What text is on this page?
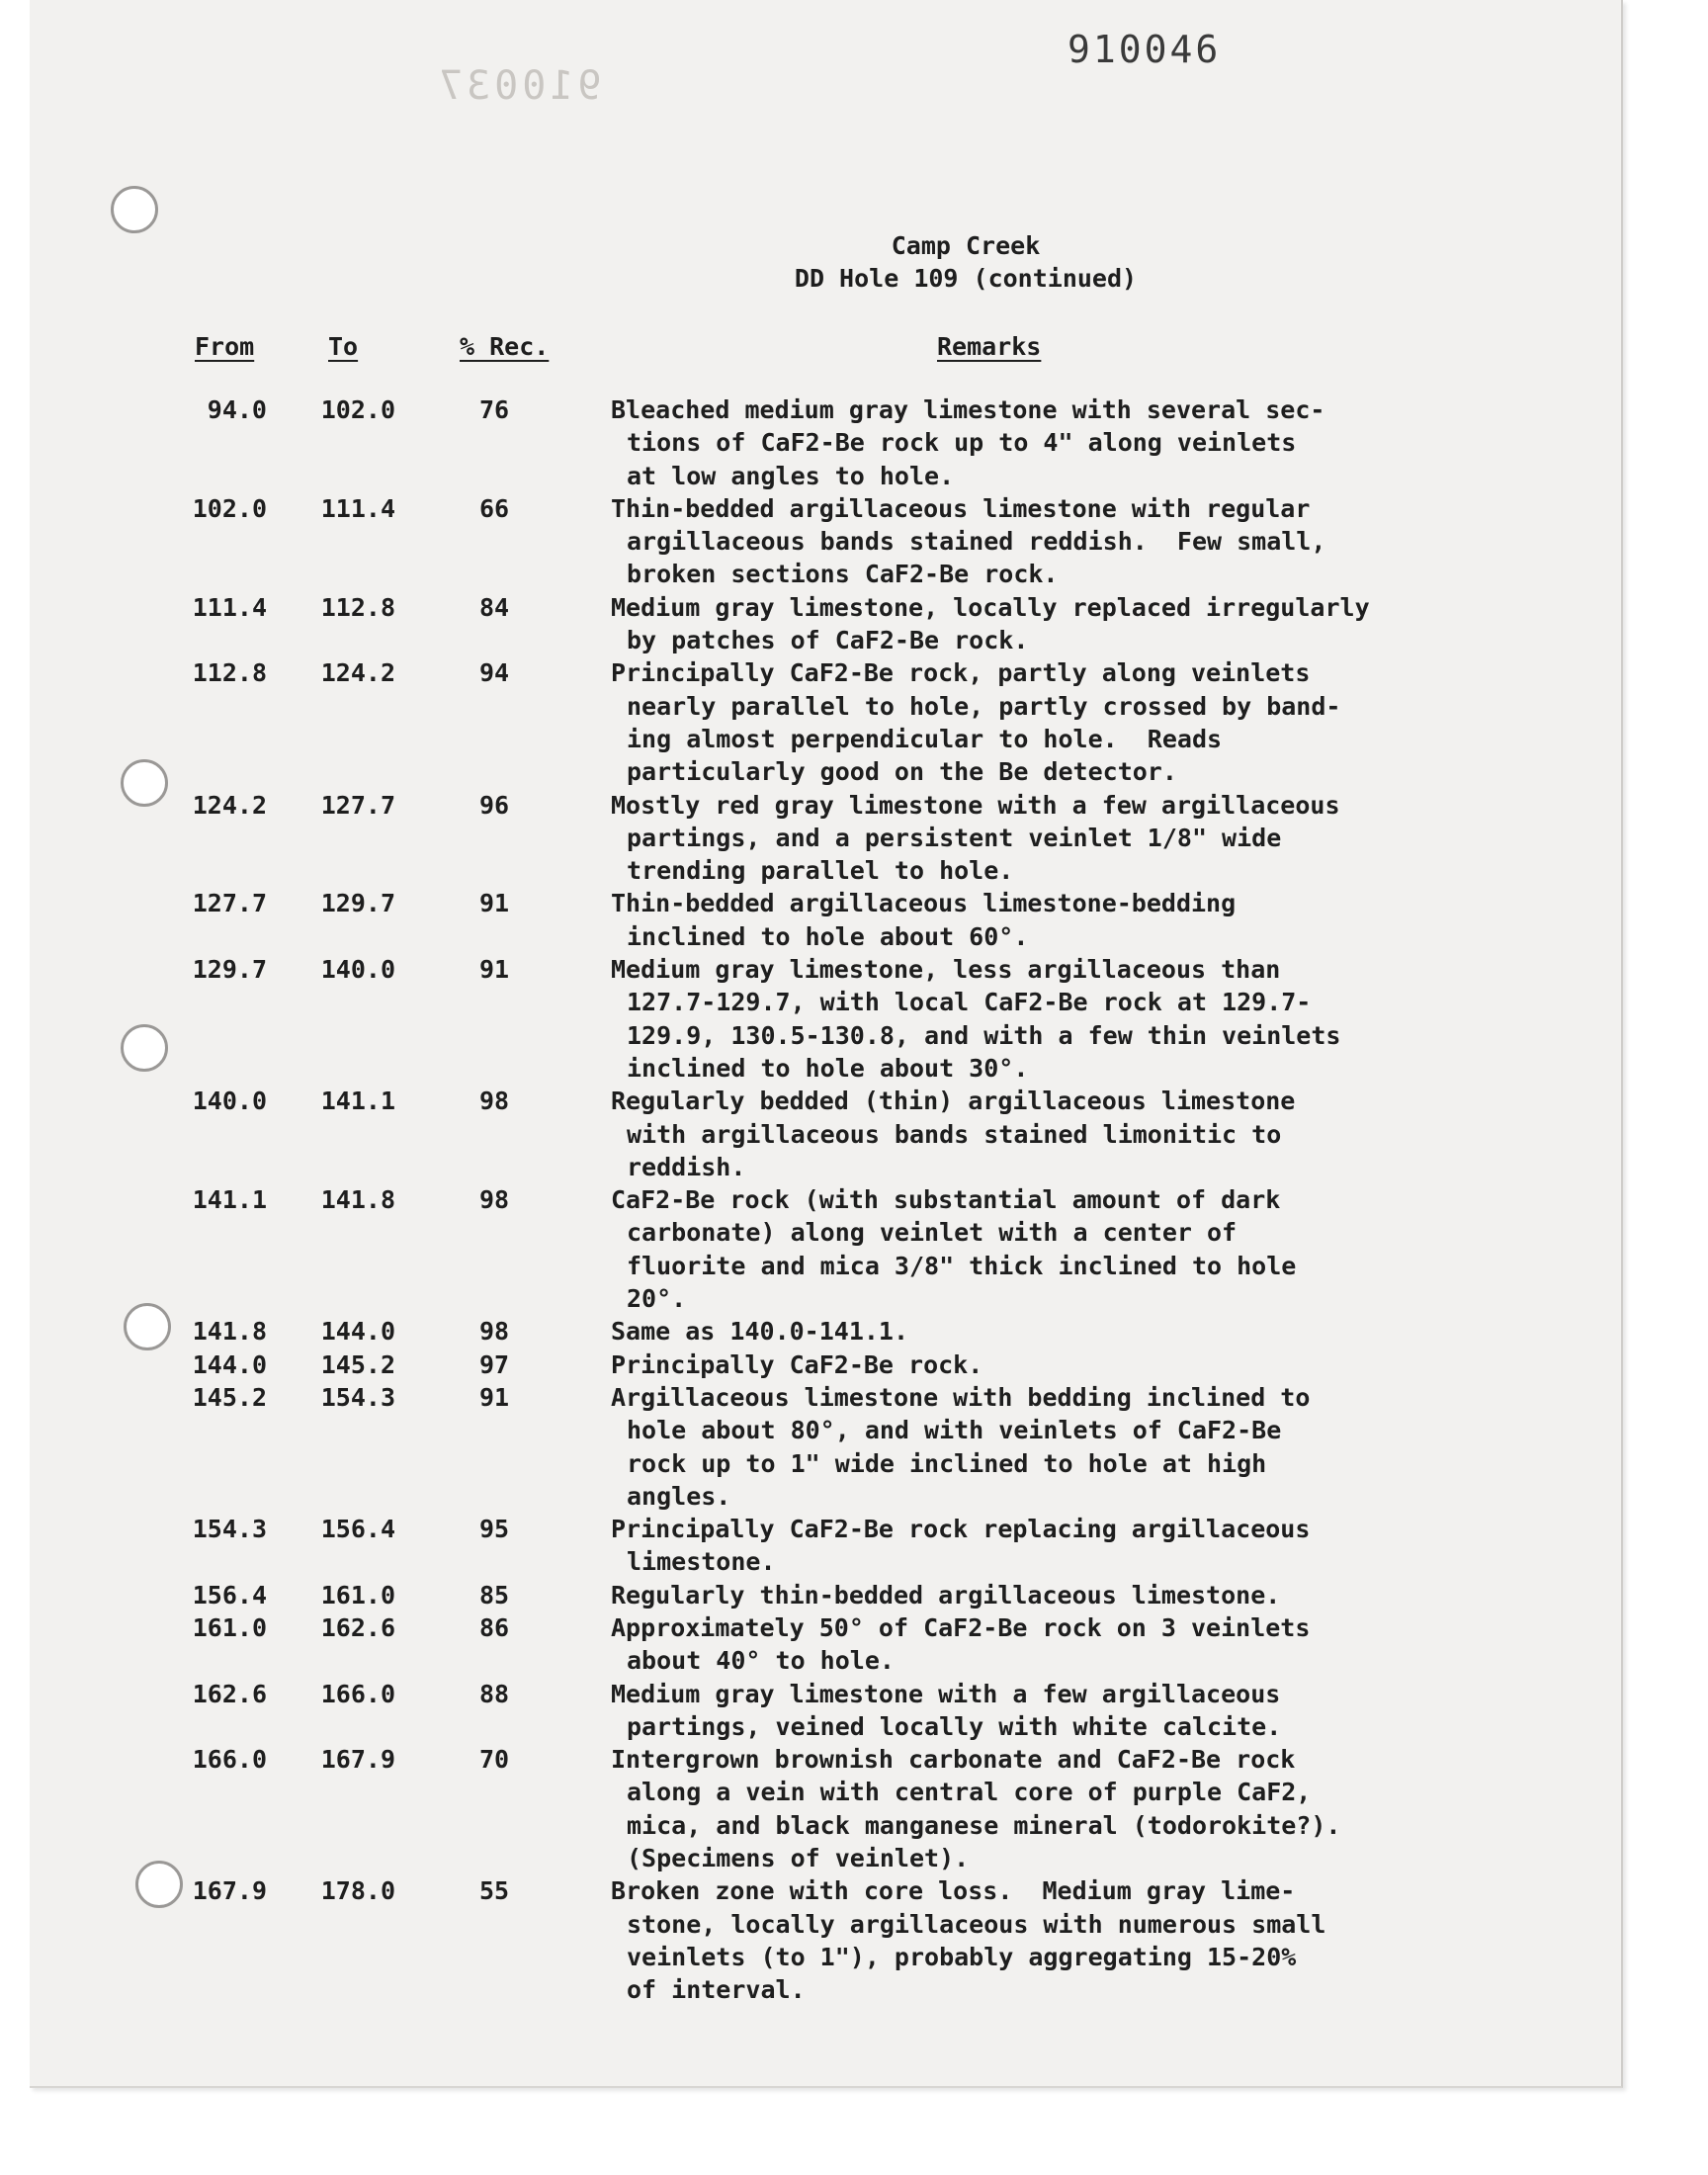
910037
910046
Camp Creek
DD Hole 109 (continued)
From	To	% Rec.	Remarks
94.0	102.0	76	Bleached medium gray limestone with several sec-
tions of CaF2-Be rock up to 4" along veinlets
at low angles to hole.
102.0	111.4	66	Thin-bedded argillaceous limestone with regular
argillaceous bands stained reddish.  Few small,
broken sections CaF2-Be rock.
111.4	112.8	84	Medium gray limestone, locally replaced irregularly
by patches of CaF2-Be rock.
112.8	124.2	94	Principally CaF2-Be rock, partly along veinlets
nearly parallel to hole, partly crossed by band-
ing almost perpendicular to hole.  Reads
particularly good on the Be detector.
124.2	127.7	96	Mostly red gray limestone with a few argillaceous
partings, and a persistent veinlet 1/8" wide
trending parallel to hole.
127.7	129.7	91	Thin-bedded argillaceous limestone-bedding
inclined to hole about 60°.
129.7	140.0	91	Medium gray limestone, less argillaceous than
127.7-129.7, with local CaF2-Be rock at 129.7-
129.9, 130.5-130.8, and with a few thin veinlets
inclined to hole about 30°.
140.0	141.1	98	Regularly bedded (thin) argillaceous limestone
with argillaceous bands stained limonitic to
reddish.
141.1	141.8	98	CaF2-Be rock (with substantial amount of dark
carbonate) along veinlet with a center of
fluorite and mica 3/8" thick inclined to hole
20°.
141.8	144.0	98	Same as 140.0-141.1.
144.0	145.2	97	Principally CaF2-Be rock.
145.2	154.3	91	Argillaceous limestone with bedding inclined to
hole about 80°, and with veinlets of CaF2-Be
rock up to 1" wide inclined to hole at high
angles.
154.3	156.4	95	Principally CaF2-Be rock replacing argillaceous
limestone.
156.4	161.0	85	Regularly thin-bedded argillaceous limestone.
161.0	162.6	86	Approximately 50° of CaF2-Be rock on 3 veinlets
about 40° to hole.
162.6	166.0	88	Medium gray limestone with a few argillaceous
partings, veined locally with white calcite.
166.0	167.9	70	Intergrown brownish carbonate and CaF2-Be rock
along a vein with central core of purple CaF2,
mica, and black manganese mineral (todorokite?).
(Specimens of veinlet).
167.9	178.0	55	Broken zone with core loss.  Medium gray lime-
stone, locally argillaceous with numerous small
veinlets (to 1"), probably aggregating 15-20%
of interval.
